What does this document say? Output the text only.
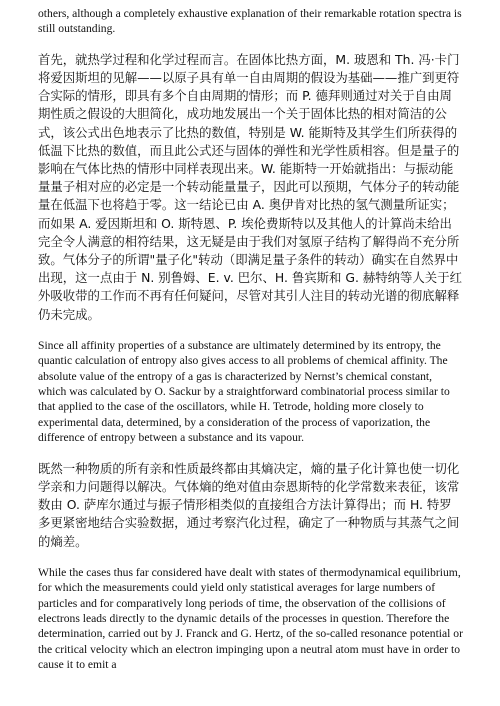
others, although a completely exhaustive explanation of their remarkable rotation spectra is still outstanding.

首先，就热学过程和化学过程而言。在固体比热方面，M. 玻恩和 Th. 冯·卡门将爱因斯坦的见解——以原子具有单一自由周期的假设为基础——推广到更符合实际的情形，即具有多个自由周期的情形；而 P. 德拜则通过对关于自由周期性质之假设的大胆简化，成功地发展出一个关于固体比热的相对简洁的公式，该公式出色地表示了比热的数值，特别是 W. 能斯特及其学生们所获得的低温下比热的数值，而且此公式还与固体的弹性和光学性质相容。但是量子的影响在气体比热的情形中同样表现出来。W. 能斯特一开始就指出：与振动能量量子相对应的必定是一个转动能量量子，因此可以预期，气体分子的转动能量在低温下也将趋于零。这一结论已由 A. 奥伊肯对比热的氢气测量所证实；而如果 A. 爱因斯坦和 O. 斯特恩、P. 埃伦费斯特以及其他人的计算尚未给出完全令人满意的相符结果，这无疑是由于我们对氢原子结构了解得尚不充分所致。气体分子的所谓"量子化"转动（即满足量子条件的转动）确实在自然界中出现，这一点由于 N. 别鲁姆、E. v. 巴尔、H. 鲁宾斯和 G. 赫特纳等人关于红外吸收带的工作而不再有任何疑问，尽管对其引人注目的转动光谱的彻底解释仍未完成。

Since all affinity properties of a substance are ultimately determined by its entropy, the quantic calculation of entropy also gives access to all problems of chemical affinity. The absolute value of the entropy of a gas is characterized by Nernst’s chemical constant, which was calculated by O. Sackur by a straightforward combinatorial process similar to that applied to the case of the oscillators, while H. Tetrode, holding more closely to experimental data, determined, by a consideration of the process of vaporization, the difference of entropy between a substance and its vapour.

既然一种物质的所有亲和性质最终都由其熵决定，熵的量子化计算也使一切化学亲和力问题得以解决。气体熵的绝对值由奈恩斯特的化学常数来表征，该常数由 O. 萨库尔通过与振子情形相类似的直接组合方法计算得出；而 H. 特罗多更紧密地结合实验数据，通过考察汽化过程，确定了一种物质与其蒸气之间的熵差。

While the cases thus far considered have dealt with states of thermodynamical equilibrium, for which the measurements could yield only statistical averages for large numbers of particles and for comparatively long periods of time, the observation of the collisions of electrons leads directly to the dynamic details of the processes in question. Therefore the determination, carried out by J. Franck and G. Hertz, of the so-called resonance potential or the critical velocity which an electron impinging upon a neutral atom must have in order to cause it to emit a
